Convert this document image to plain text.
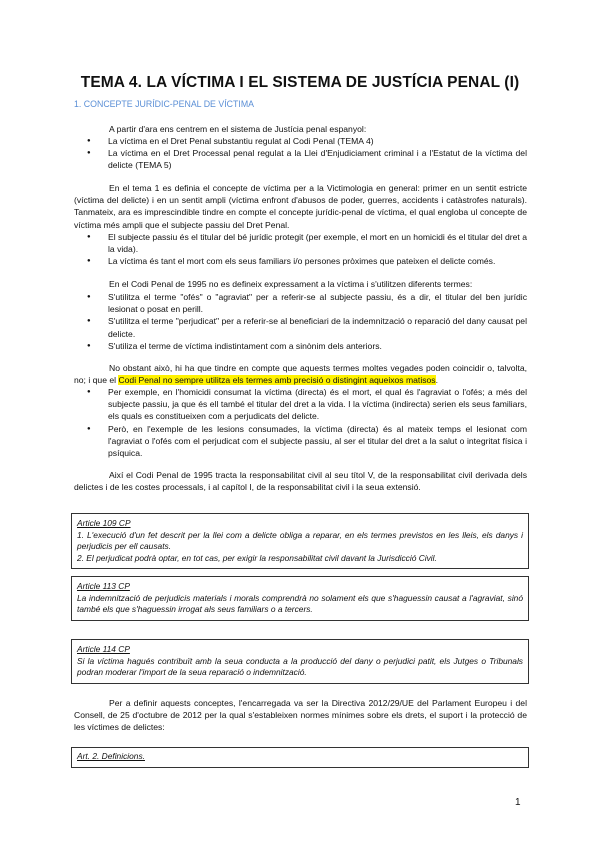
TEMA 4. LA VÍCTIMA I EL SISTEMA DE JUSTÍCIA PENAL (I)

1. CONCEPTE JURÍDIC-PENAL DE VÍCTIMA

A partir d'ara ens centrem en el sistema de Justícia penal espanyol:

● La víctima en el Dret Penal substantiu regulat al Codi Penal (TEMA 4)
● La víctima en el Dret Processal penal regulat a la Llei d'Enjudiciament criminal i a l'Estatut de la víctima del delicte (TEMA 5)

En el tema 1 es definia el concepte de víctima per a la Victimologia en general: primer en un sentit estricte (víctima del delicte) i en un sentit ampli (víctima enfront d'abusos de poder, guerres, accidents i catàstrofes naturals). Tanmateix, ara es imprescindible tindre en compte el concepte jurídic-penal de víctima, el qual engloba ul concepte de víctima més ampli que el subjecte passiu del Dret Penal.

● El subjecte passiu és el titular del bé jurídic protegit (per exemple, el mort en un homicidi és el titular del dret a la vida).
● La víctima és tant el mort com els seus familiars i/o persones pròximes que pateixen el delicte comés.

En el Codi Penal de 1995 no es defineix expressament a la víctima i s'utilitzen diferents termes:

● S'utilitza el terme "ofés" o "agraviat" per a referir-se al subjecte passiu, és a dir, el titular del ben jurídic lesionat o posat en perill.
● S'utilitza el terme "perjudicat" per a referir-se al beneficiari de la indemnització o reparació del dany causat pel delicte.
● S'utiliza el terme de víctima indistintament com a sinònim dels anteriors.

No obstant això, hi ha que tindre en compte que aquests termes moltes vegades poden coincidir o, talvolta, no; i que el Codi Penal no sempre utilitza els termes amb precisió o distingint aqueixos matisos.

● Per exemple, en l'homicidi consumat la víctima (directa) és el mort, el qual és l'agraviat o l'ofés; a més del subjecte passiu, ja que és ell també el titular del dret a la vida. I la víctima (indirecta) serien els seus familiars, els quals es constitueixen com a perjudicats del delicte.
● Però, en l'exemple de les lesions consumades, la víctima (directa) és al mateix temps el lesionat com l'agraviat o l'ofés com el perjudicat com el subjecte passiu, al ser el titular del dret a la salut o integritat física i psíquica.

Així el Codi Penal de 1995 tracta la responsabilitat civil al seu títol V, de la responsabilitat civil derivada dels delictes i de les costes processals, i al capítol I, de la responsabilitat civil i la seua extensió.

Article 109 CP

1. L'execució d'un fet descrit per la llei com a delicte obliga a reparar, en els termes previstos en les lleis, els danys i perjudicis per ell causats.

2. El perjudicat podrà optar, en tot cas, per exigir la responsabilitat civil davant la Jurisdicció Civil.

Article 113 CP

La indemnització de perjudicis materials i morals comprendrà no solament els que s'haguessin causat a l'agraviat, sinó també els que s'haguessin irrogat als seus familiars o a tercers.

Article 114 CP

Si la víctima hagués contribuït amb la seua conducta a la producció del dany o perjudici patit, els Jutges o Tribunals podran moderar l'import de la seua reparació o indemnització.

Per a definir aquests conceptes, l'encarregada va ser la Directiva 2012/29/UE del Parlament Europeu i del Consell, de 25 d'octubre de 2012 per la qual s'estableixen normes mínimes sobre els drets, el suport i la protecció de les víctimes de delictes:

Art. 2. Definicions.
1
